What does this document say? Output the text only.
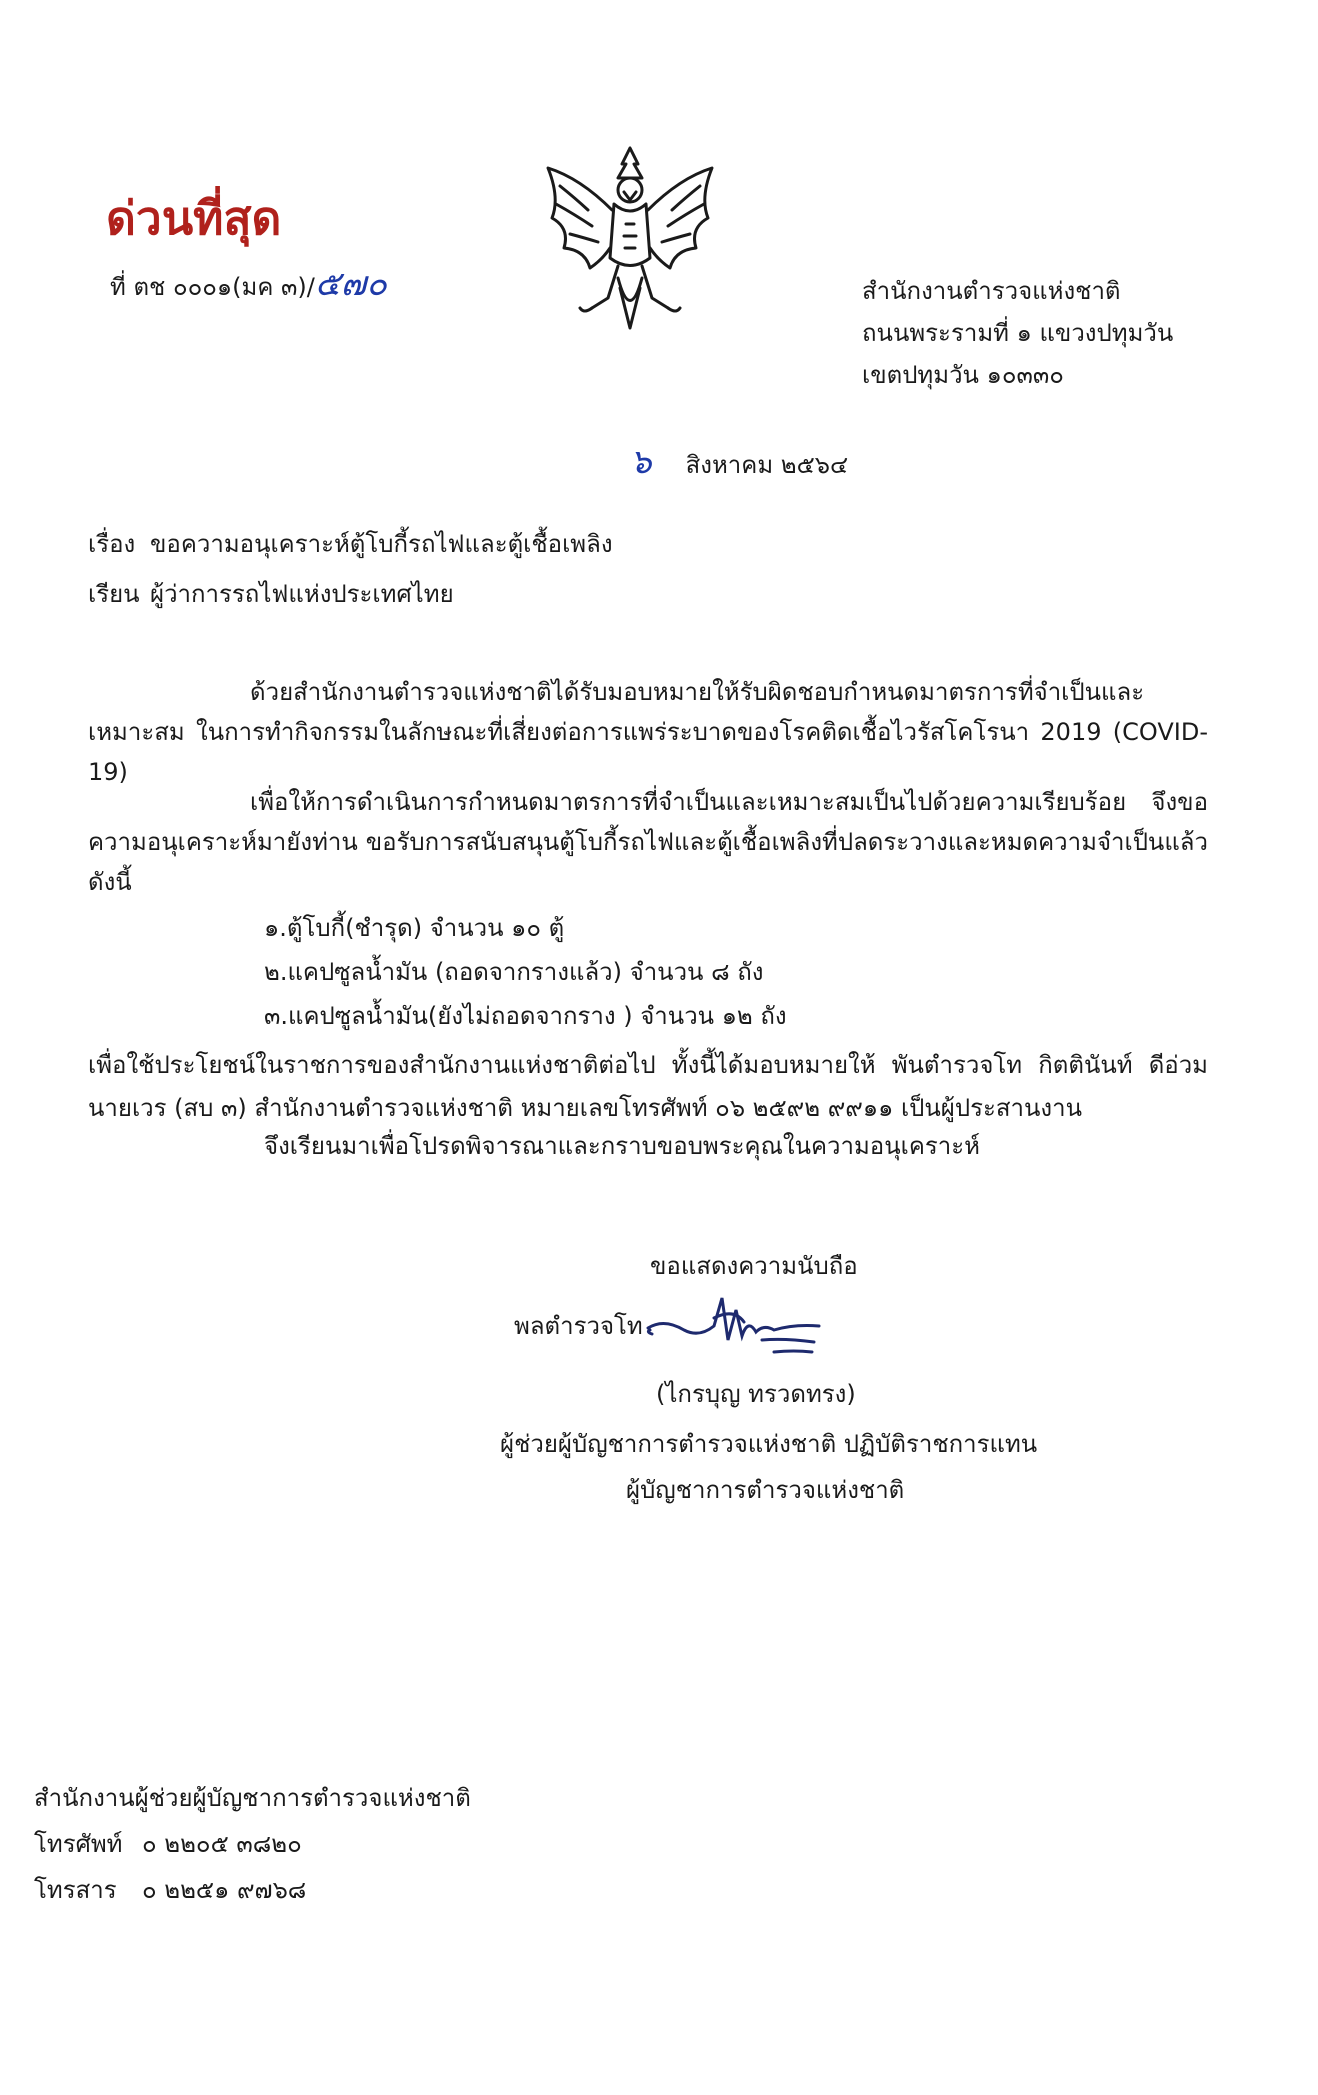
ด่วนที่สุด
ที่ ตช ๐๐๐๑(มค ๓)/๕๗๐	สำนักงานตำรวจแห่งชาติ
ถนนพระรามที่ ๑ แขวงปทุมวัน
เขตปทุมวัน ๑๐๓๓๐
๖ สิงหาคม ๒๕๖๔
เรื่อง ขอความอนุเคราะห์ตู้โบกี้รถไฟและตู้เชื้อเพลิง
เรียน ผู้ว่าการรถไฟแห่งประเทศไทย
ด้วยสำนักงานตำรวจแห่งชาติได้รับมอบหมายให้รับผิดชอบกำหนดมาตรการที่จำเป็นและเหมาะสม ในการทำกิจกรรมในลักษณะที่เสี่ยงต่อการแพร่ระบาดของโรคติดเชื้อไวรัสโคโรนา 2019 (COVID-19)
เพื่อให้การดำเนินการกำหนดมาตรการที่จำเป็นและเหมาะสมเป็นไปด้วยความเรียบร้อย จึงขอความอนุเคราะห์มายังท่าน ขอรับการสนับสนุนตู้โบกี้รถไฟและตู้เชื้อเพลิงที่ปลดระวางและหมดความจำเป็นแล้ว ดังนี้
๑.ตู้โบกี้(ชำรุด) จำนวน ๑๐ ตู้
๒.แคปซูลน้ำมัน (ถอดจากรางแล้ว) จำนวน ๘ ถัง
๓.แคปซูลน้ำมัน(ยังไม่ถอดจากราง ) จำนวน ๑๒ ถัง
เพื่อใช้ประโยชน์ในราชการของสำนักงานแห่งชาติต่อไป ทั้งนี้ได้มอบหมายให้ พันตำรวจโท กิตตินันท์ ดีอ่วม นายเวร (สบ ๓) สำนักงานตำรวจแห่งชาติ หมายเลขโทรศัพท์ ๐๖ ๒๕๙๒ ๙๙๑๑ เป็นผู้ประสานงาน
จึงเรียนมาเพื่อโปรดพิจารณาและกราบขอบพระคุณในความอนุเคราะห์
ขอแสดงความนับถือ
พลตำรวจโท
(ไกรบุญ ทรวดทรง)
ผู้ช่วยผู้บัญชาการตำรวจแห่งชาติ ปฏิบัติราชการแทน
ผู้บัญชาการตำรวจแห่งชาติ
สำนักงานผู้ช่วยผู้บัญชาการตำรวจแห่งชาติ
โทรศัพท์ ๐ ๒๒๐๕ ๓๘๒๐
โทรสาร ๐ ๒๒๕๑ ๙๗๖๘
